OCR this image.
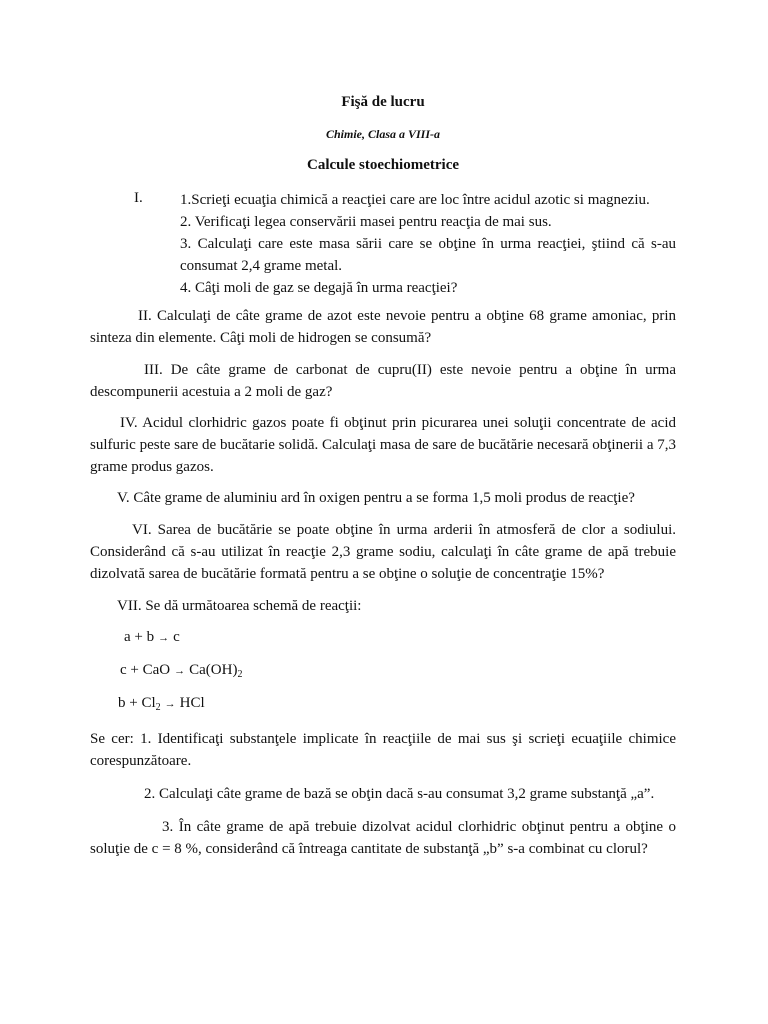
Fişă de lucru
Chimie, Clasa a VIII-a
Calcule stoechiometrice
I. 1.Scrieţi ecuaţia chimică a reacţiei care are loc între acidul azotic si magneziu.
2. Verificaţi legea conservării masei pentru reacţia de mai sus.
3. Calculaţi care este masa sării care se obţine în urma reacţiei, ştiind că s-au consumat 2,4 grame metal.
4. Câţi moli de gaz se degajă în urma reacţiei?
II. Calculaţi de câte grame de azot este nevoie pentru a obţine 68 grame amoniac, prin sinteza din elemente. Câţi moli de hidrogen se consumă?
III. De câte grame de carbonat de cupru(II) este nevoie pentru a obţine în urma descompunerii acestuia a 2 moli de gaz?
IV. Acidul clorhidric gazos poate fi obţinut prin picurarea unei soluţii concentrate de acid sulfuric peste sare de bucătarie solidă. Calculaţi masa de sare de bucătărie necesară obţinerii a 7,3 grame produs gazos.
V. Câte grame de aluminiu ard în oxigen pentru a se forma 1,5 moli produs de reacţie?
VI. Sarea de bucătărie se poate obţine în urma arderii în atmosferă de clor a sodiului. Considerând că s-au utilizat în reacţie 2,3 grame sodiu, calculaţi în câte grame de apă trebuie dizolvată sarea de bucătărie formată pentru a se obţine o soluţie de concentraţie 15%?
VII. Se dă următoarea schemă de reacţii:
a + b → c
c + CaO → $Ca(OH)_2$
$b + Cl_2$ → HCl
Se cer: 1. Identificaţi substanţele implicate în reacţiile de mai sus şi scrieţi ecuaţiile chimice corespunzătoare.
2. Calculaţi câte grame de bază se obţin dacă s-au consumat 3,2 grame substanţă „a”.
3. În câte grame de apă trebuie dizolvat acidul clorhidric obţinut pentru a obţine o soluţie de c = 8 %, considerând că întreaga cantitate de substanţă „b” s-a combinat cu clorul?
